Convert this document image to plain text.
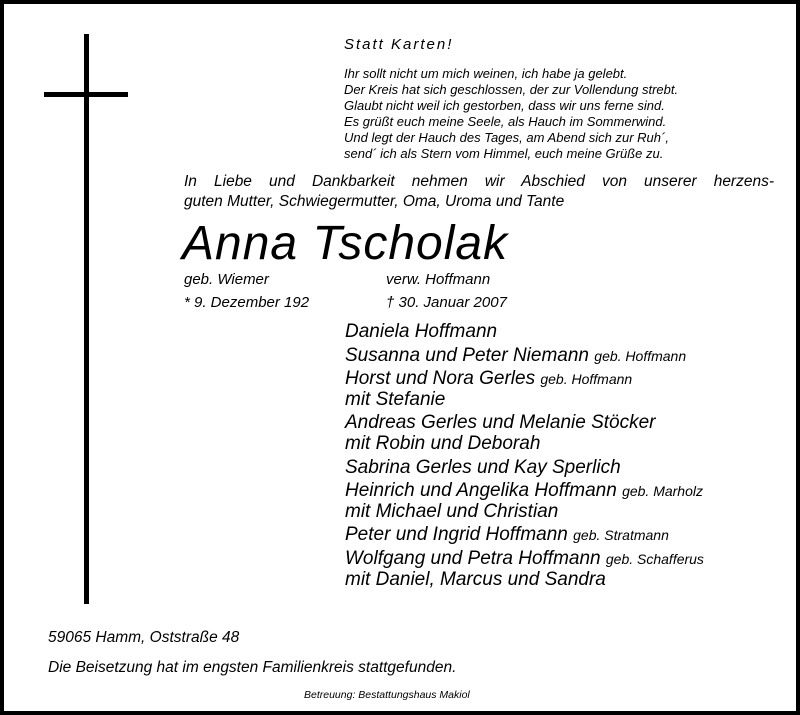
Statt Karten!
Ihr sollt nicht um mich weinen, ich habe ja gelebt.
Der Kreis hat sich geschlossen, der zur Vollendung strebt.
Glaubt nicht weil ich gestorben, dass wir uns ferne sind.
Es grüßt euch meine Seele, als Hauch im Sommerwind.
Und legt der Hauch des Tages, am Abend sich zur Ruh´,
send´ ich als Stern vom Himmel, euch meine Grüße zu.
In Liebe und Dankbarkeit nehmen wir Abschied von unserer herzens-
guten Mutter, Schwiegermutter, Oma, Uroma und Tante
Anna Tscholak
geb. Wiemer	verw. Hoffmann
* 9. Dezember 192	† 30. Januar 2007
Daniela Hoffmann
Susanna und Peter Niemann geb. Hoffmann
Horst und Nora Gerles geb. Hoffmann
mit Stefanie
Andreas Gerles und Melanie Stöcker
mit Robin und Deborah
Sabrina Gerles und Kay Sperlich
Heinrich und Angelika Hoffmann geb. Marholz
mit Michael und Christian
Peter und Ingrid Hoffmann geb. Stratmann
Wolfgang und Petra Hoffmann geb. Schafferus
mit Daniel, Marcus und Sandra
59065 Hamm, Oststraße 48
Die Beisetzung hat im engsten Familienkreis stattgefunden.
Betreuung: Bestattungshaus Makiol
